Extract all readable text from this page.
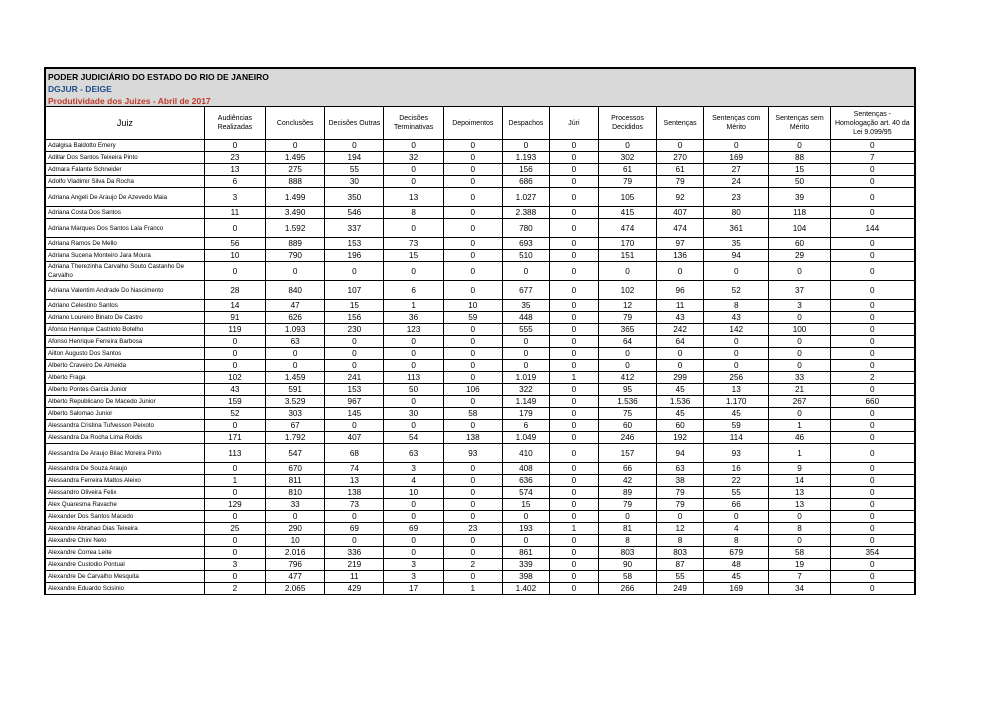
PODER JUDICIÁRIO DO ESTADO DO RIO DE JANEIRO
DGJUR - DEIGE
Produtividade dos Juizes - Abril de 2017
Juiz	Audiências Realizadas	Conclusões	Decisões Outras	Decisões Terminativas	Depoimentos	Despachos	Júri	Processos Decididos	Sentenças	Sentenças com Mérito	Sentenças sem Mérito	Sentenças - Homologação art. 40 da Lei 9.099/95
Adalgisa Baldotto Emery	0	0	0	0	0	0	0	0	0	0	0	0
Adillar Dos Santos Teixeira Pinto	23	1.495	194	32	0	1.193	0	302	270	169	88	7
Admara Falante Schneider	13	275	55	0	0	156	0	61	61	27	15	0
Adolfo Vladimir Silva Da Rocha	6	888	30	0	0	686	0	79	79	24	50	0
Adriana Angeli De Araujo De Azevedo Maia	3	1.499	350	13	0	1.027	0	105	92	23	39	0
Adriana Costa Dos Santos	11	3.490	546	8	0	2.388	0	415	407	80	118	0
Adriana Marques Dos Santos Laia Franco	0	1.592	337	0	0	780	0	474	474	361	104	144
Adriana Ramos De Mello	56	889	153	73	0	693	0	170	97	35	60	0
Adriana Sucena Monteiro Jara Moura	10	790	196	15	0	510	0	151	136	94	29	0
Adriana Therezinha Carvalho Souto Castanho De Carvalho	0	0	0	0	0	0	0	0	0	0	0	0
Adriana Valentim Andrade Do Nascimento	28	840	107	6	0	677	0	102	96	52	37	0
Adriano Celestino Santos	14	47	15	1	10	35	0	12	11	8	3	0
Adriano Loureiro Binato De Castro	91	626	156	36	59	448	0	79	43	43	0	0
Afonso Henrique Castrioto Botelho	119	1.093	230	123	0	555	0	365	242	142	100	0
Afonso Henrique Ferreira Barbosa	0	63	0	0	0	0	0	64	64	0	0	0
Ailton Augusto Dos Santos	0	0	0	0	0	0	0	0	0	0	0	0
Alberto Craveiro De Almeida	0	0	0	0	0	0	0	0	0	0	0	0
Alberto Fraga	102	1.459	241	113	0	1.019	1	412	299	256	33	2
Alberto Pontes Garcia Junior	43	591	153	50	106	322	0	95	45	13	21	0
Alberto Republicano De Macedo Junior	159	3.529	967	0	0	1.149	0	1.536	1.536	1.170	267	660
Alberto Salomao Junior	52	303	145	30	58	179	0	75	45	45	0	0
Alessandra Cristina Tufvesson Peixoto	0	67	0	0	0	6	0	60	60	59	1	0
Alessandra Da Rocha Lima Roidis	171	1.792	407	54	138	1.049	0	246	192	114	46	0
Alessandra De Araujo Bilac Moreira Pinto	113	547	68	63	93	410	0	157	94	93	1	0
Alessandra De Souza Araujo	0	670	74	3	0	408	0	66	63	16	9	0
Alessandra Ferreira Mattos Aleixo	1	811	13	4	0	636	0	42	38	22	14	0
Alessandro Oliveira Felix	0	810	138	10	0	574	0	89	79	55	13	0
Alex Quaresma Ravache	129	33	73	0	0	15	0	79	79	66	13	0
Alexander Dos Santos Macedo	0	0	0	0	0	0	0	0	0	0	0	0
Alexandre Abrahao Dias Teixeira	25	290	69	69	23	193	1	81	12	4	8	0
Alexandre Chini Neto	0	10	0	0	0	0	0	8	8	8	0	0
Alexandre Correa Leite	0	2.016	336	0	0	861	0	803	803	679	58	354
Alexandre Custodio Pontual	3	796	219	3	2	339	0	90	87	48	19	0
Alexandre De Carvalho Mesquita	0	477	11	3	0	398	0	58	55	45	7	0
Alexandre Eduardo Scisinio	2	2.065	429	17	1	1.402	0	266	249	169	34	0
